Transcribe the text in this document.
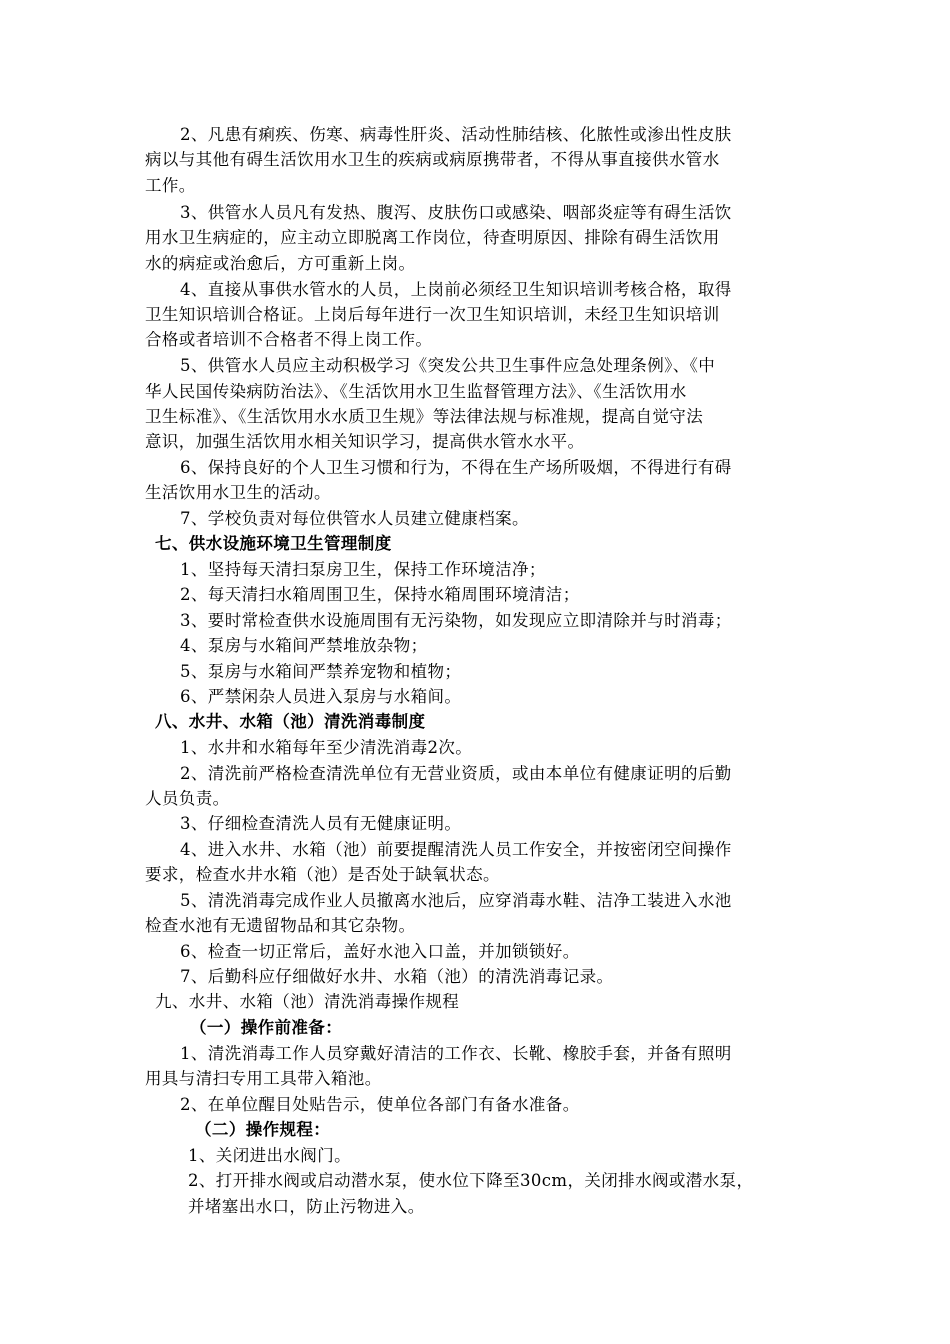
2、凡患有痢疾、伤寒、病毒性肝炎、活动性肺结核、化脓性或渗出性皮肤
病以与其他有碍生活饮用水卫生的疾病或病原携带者，不得从事直接供水管水
工作。
3、供管水人员凡有发热、腹泻、皮肤伤口或感染、咽部炎症等有碍生活饮
用水卫生病症的，应主动立即脱离工作岗位，待查明原因、排除有碍生活饮用
水的病症或治愈后，方可重新上岗。
4、直接从事供水管水的人员，上岗前必须经卫生知识培训考核合格，取得
卫生知识培训合格证。上岗后每年进行一次卫生知识培训，未经卫生知识培训
合格或者培训不合格者不得上岗工作。
5、供管水人员应主动积极学习《突发公共卫生事件应急处理条例》、《中
华人民国传染病防治法》、《生活饮用水卫生监督管理方法》、《生活饮用水
卫生标准》、《生活饮用水水质卫生规》等法律法规与标准规，提高自觉守法
意识，加强生活饮用水相关知识学习，提高供水管水水平。
6、保持良好的个人卫生习惯和行为，不得在生产场所吸烟，不得进行有碍
生活饮用水卫生的活动。
7、学校负责对每位供管水人员建立健康档案。
七、供水设施环境卫生管理制度
1、坚持每天清扫泵房卫生，保持工作环境洁净；
2、每天清扫水箱周围卫生，保持水箱周围环境清洁；
3、要时常检查供水设施周围有无污染物，如发现应立即清除并与时消毒；
4、泵房与水箱间严禁堆放杂物；
5、泵房与水箱间严禁养宠物和植物；
6、严禁闲杂人员进入泵房与水箱间。
八、水井、水箱（池）清洗消毒制度
1、水井和水箱每年至少清洗消毒2次。
2、清洗前严格检查清洗单位有无营业资质，或由本单位有健康证明的后勤
人员负责。
3、仔细检查清洗人员有无健康证明。
4、进入水井、水箱（池）前要提醒清洗人员工作安全，并按密闭空间操作
要求，检查水井水箱（池）是否处于缺氧状态。
5、清洗消毒完成作业人员撤离水池后，应穿消毒水鞋、洁净工装进入水池
检查水池有无遗留物品和其它杂物。
6、检查一切正常后，盖好水池入口盖，并加锁锁好。
7、后勤科应仔细做好水井、水箱（池）的清洗消毒记录。
九、水井、水箱（池）清洗消毒操作规程
（一）操作前准备：
1、清洗消毒工作人员穿戴好清洁的工作衣、长靴、橡胶手套，并备有照明
用具与清扫专用工具带入箱池。
2、在单位醒目处贴告示，使单位各部门有备水准备。
（二）操作规程：
1、关闭进出水阀门。
2、打开排水阀或启动潜水泵，使水位下降至30cm，关闭排水阀或潜水泵，
并堵塞出水口，防止污物进入。
